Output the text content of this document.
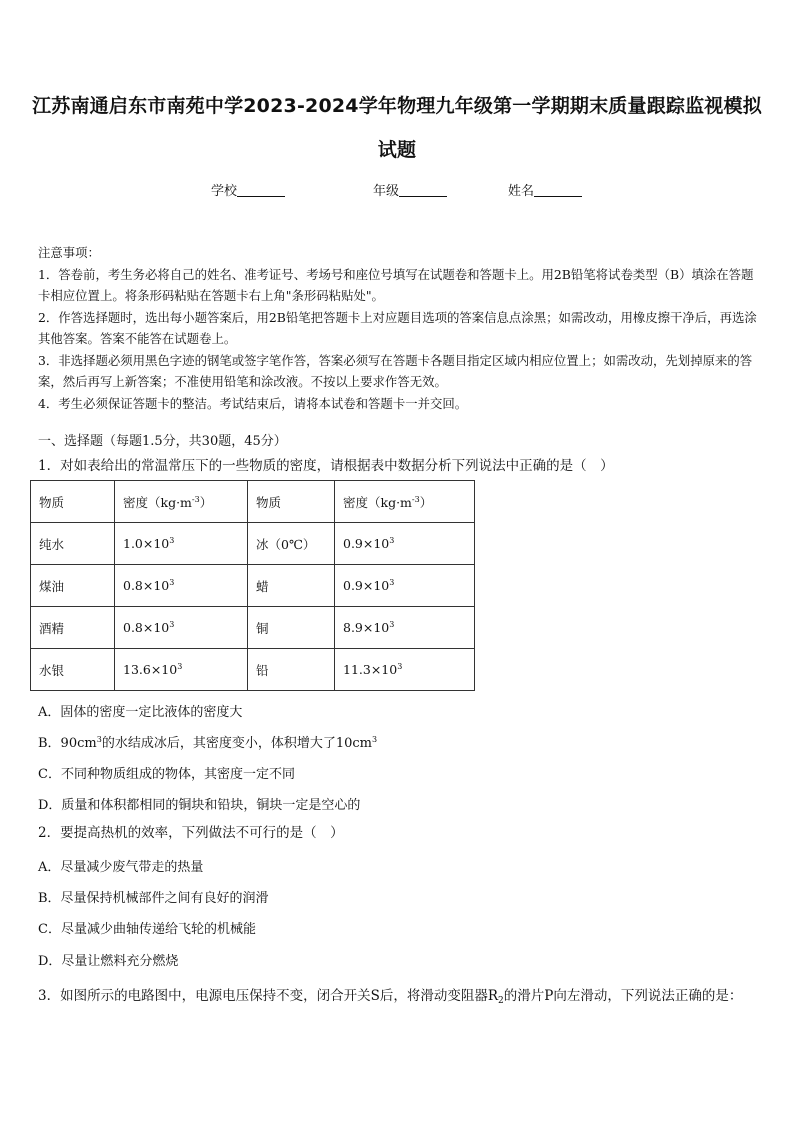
江苏南通启东市南苑中学2023-2024学年物理九年级第一学期期末质量跟踪监视模拟试题
学校	年级	姓名

注意事项：

1．答卷前，考生务必将自己的姓名、准考证号、考场号和座位号填写在试题卷和答题卡上。用2B铅笔将试卷类型（B）填涂在答题卡相应位置上。将条形码粘贴在答题卡右上角"条形码粘贴处"。

2．作答选择题时，选出每小题答案后，用2B铅笔把答题卡上对应题目选项的答案信息点涂黑；如需改动，用橡皮擦干净后，再选涂其他答案。答案不能答在试题卷上。

3．非选择题必须用黑色字迹的钢笔或签字笔作答，答案必须写在答题卡各题目指定区域内相应位置上；如需改动，先划掉原来的答案，然后再写上新答案；不准使用铅笔和涂改液。不按以上要求作答无效。

4．考生必须保证答题卡的整洁。考试结束后，请将本试卷和答题卡一并交回。

一、选择题（每题1.5分，共30题，45分）
1．对如表给出的常温常压下的一些物质的密度，请根据表中数据分析下列说法中正确的是（　）
物质	密度$(kg\cdot m^{-3})$	物质	密度$(kg\cdot m^{-3})$
纯水	$1.0\times 10^3$	冰（0℃）	$0.9\times 10^3$
煤油	$0.8\times 10^3$	蜡	$0.9\times 10^3$
酒精	$0.8\times 10^3$	铜	$8.9\times 10^3$
水银	$13.6\times 10^3$	铅	$11.3\times 10^3$
A．固体的密度一定比液体的密度大
B．$90cm^3$的水结成冰后，其密度变小，体积增大了$10cm^3$
C．不同种物质组成的物体，其密度一定不同
D．质量和体积都相同的铜块和铅块，铜块一定是空心的
2．要提高热机的效率，下列做法不可行的是（　）
A．尽量减少废气带走的热量
B．尽量保持机械部件之间有良好的润滑
C．尽量减少曲轴传递给飞轮的机械能
D．尽量让燃料充分燃烧
3．如图所示的电路图中，电源电压保持不变，闭合开关S后，将滑动变阻器$R_2$的滑片P向左滑动，下列说法正确的是：
